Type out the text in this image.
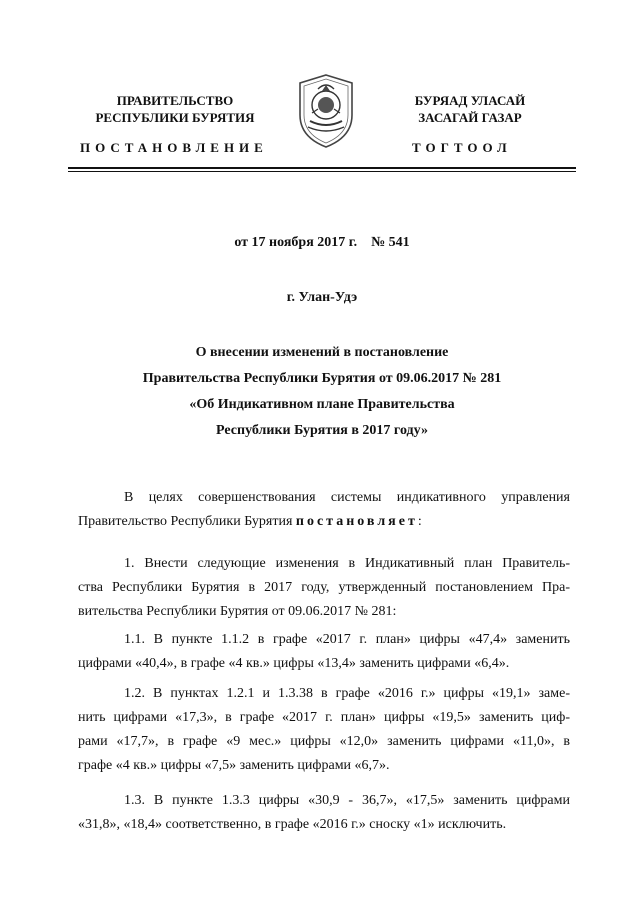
ПРАВИТЕЛЬСТВО
РЕСПУБЛИКИ БУРЯТИЯ
БУРЯАД УЛАСАЙ
ЗАСАГАЙ ГАЗАР
ПОСТАНОВЛЕНИЕ	ТОГТООЛ
от 17 ноября 2017 г.    № 541
г. Улан-Удэ
О внесении изменений в постановление
Правительства Республики Бурятия от 09.06.2017 № 281
«Об Индикативном плане Правительства
Республики Бурятия в 2017 году»
В целях совершенствования системы индикативного управления
Правительство Республики Бурятия постановляет:
1. Внести следующие изменения в Индикативный план Правитель-
ства Республики Бурятия в 2017 году, утвержденный постановлением Пра-
вительства Республики Бурятия от 09.06.2017 № 281:
1.1. В пункте 1.1.2 в графе «2017 г. план» цифры «47,4» заменить
цифрами «40,4», в графе «4 кв.» цифры «13,4» заменить цифрами «6,4».
1.2. В пунктах 1.2.1 и 1.3.38 в графе «2016 г.» цифры «19,1» заме-
нить цифрами «17,3», в графе «2017 г. план» цифры «19,5» заменить циф-
рами «17,7», в графе «9 мес.» цифры «12,0» заменить цифрами «11,0», в
графе «4 кв.» цифры «7,5» заменить цифрами «6,7».
1.3. В пункте 1.3.3 цифры «30,9 - 36,7», «17,5» заменить цифрами
«31,8», «18,4» соответственно, в графе «2016 г.» сноску «1» исключить.
